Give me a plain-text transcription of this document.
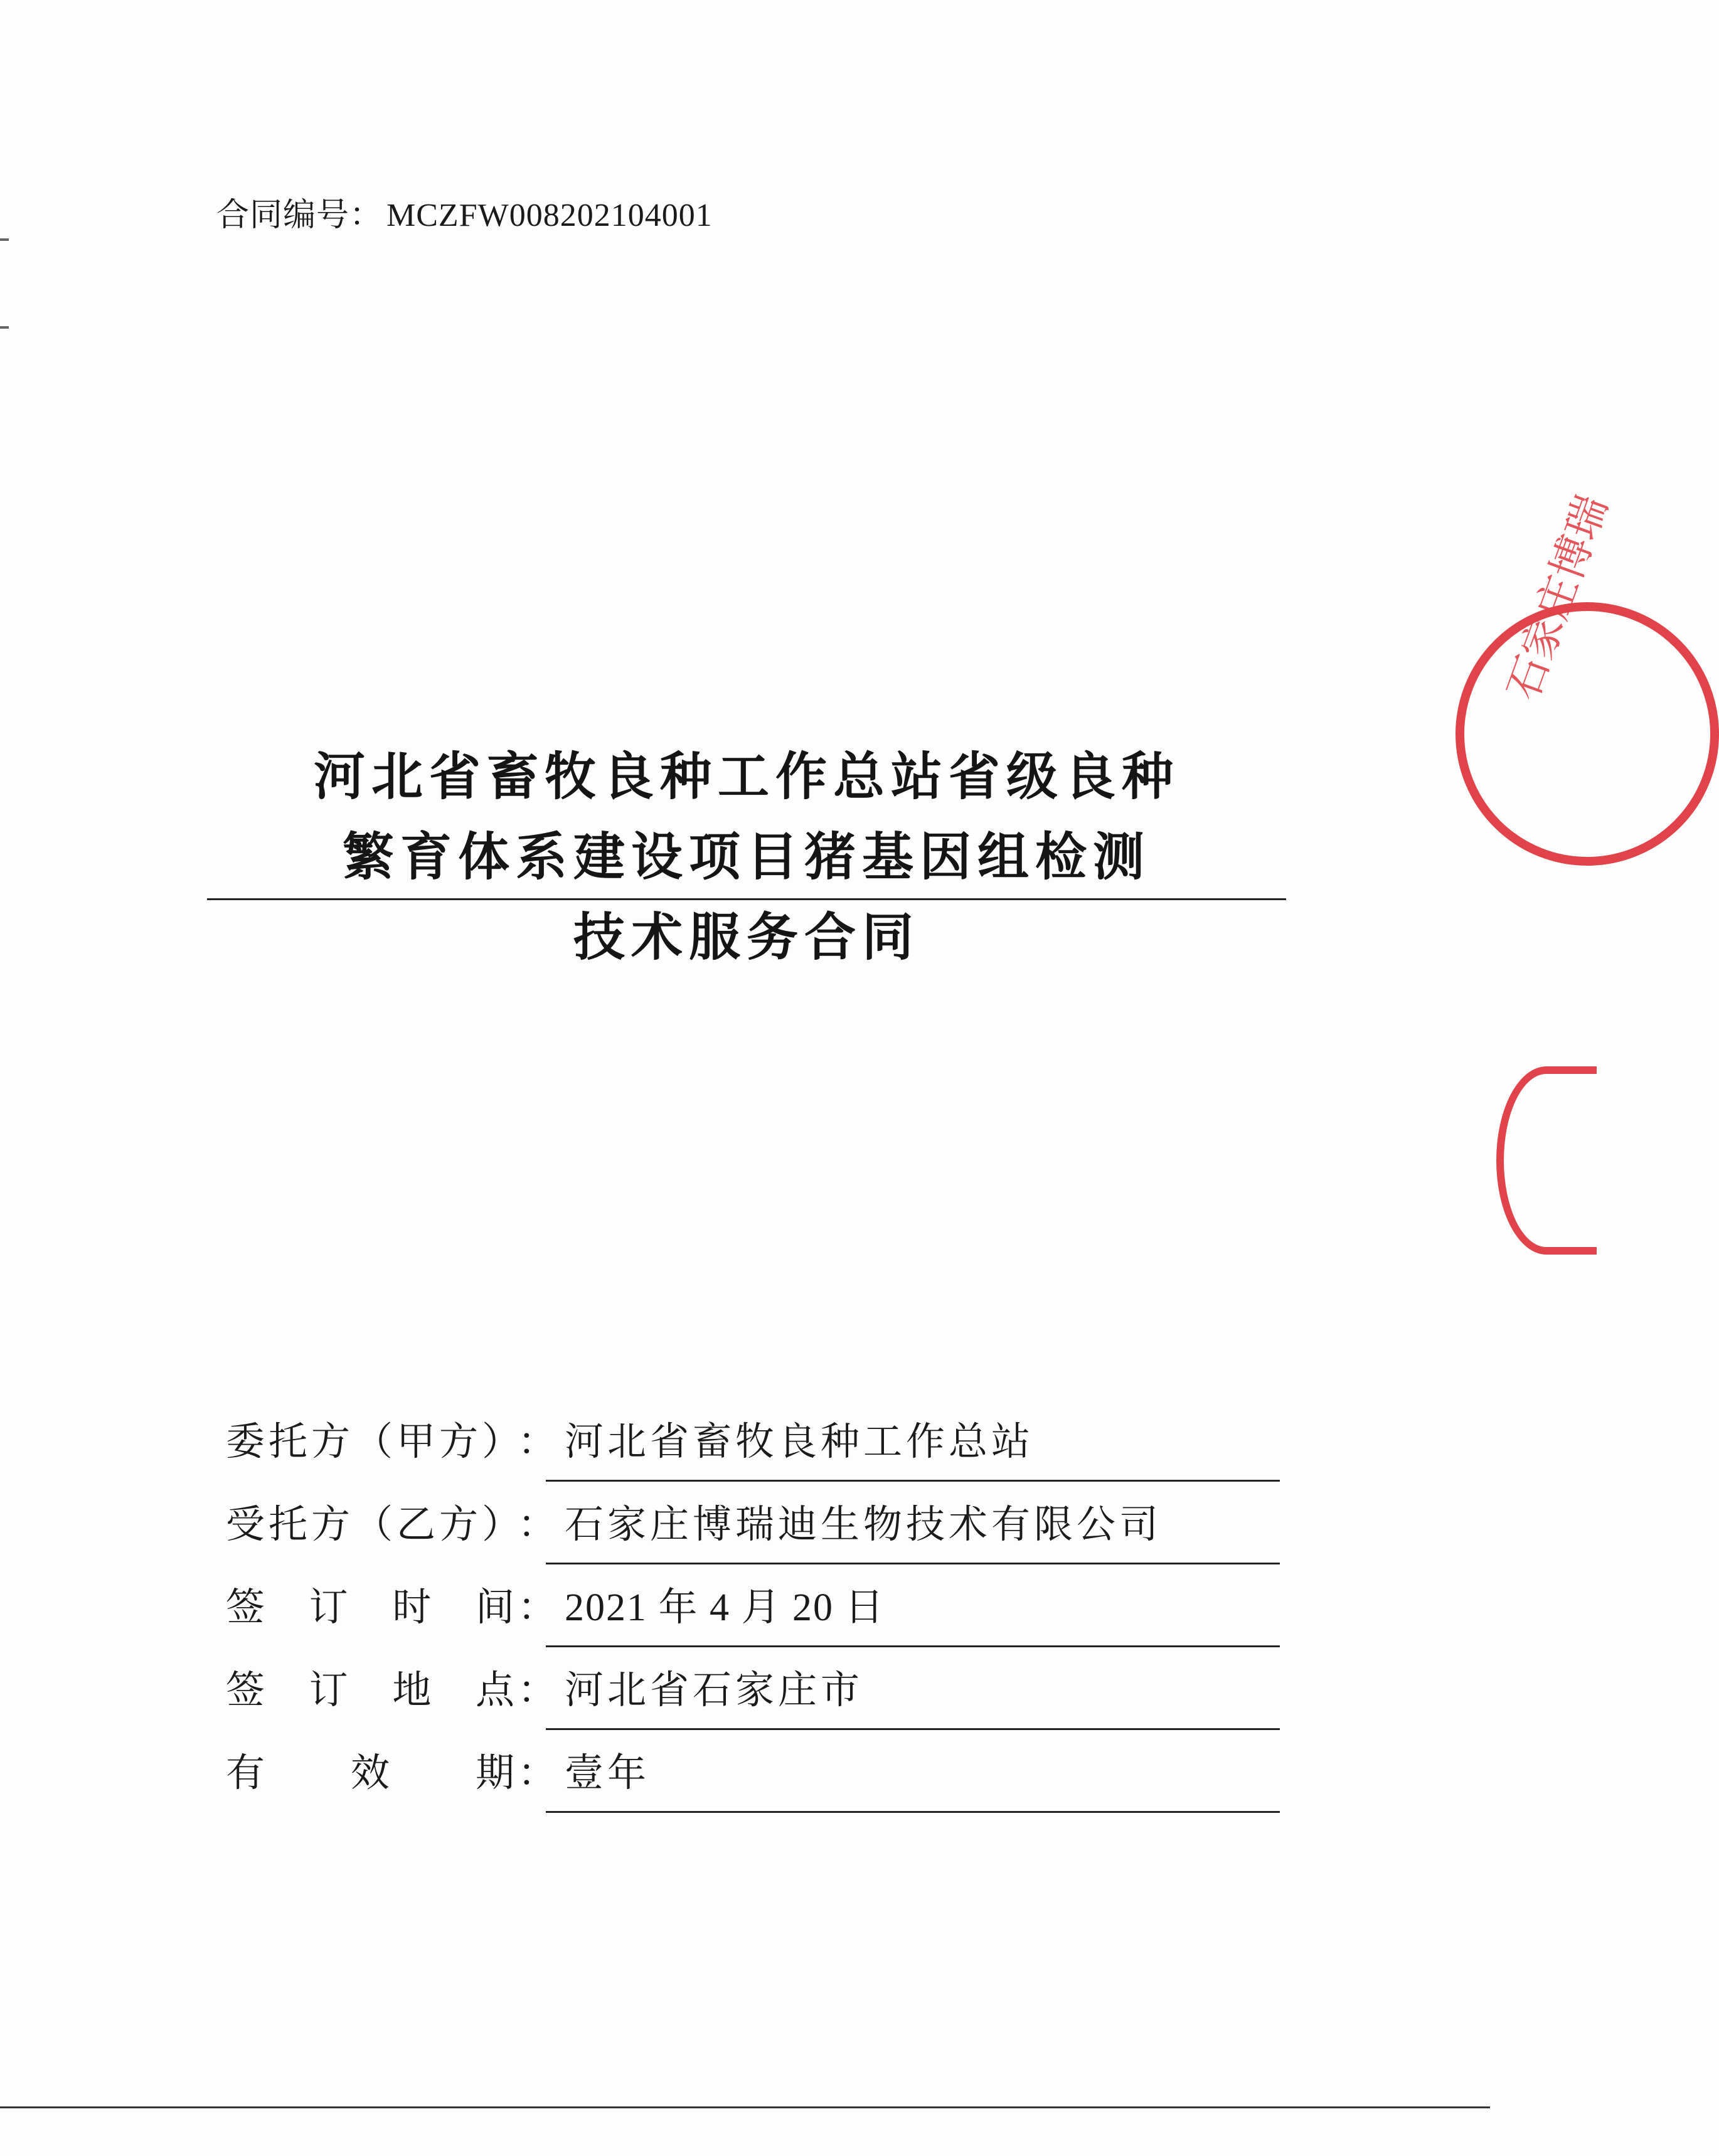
合同编号： MCZFW008202104001
河北省畜牧良种工作总站省级良种
繁育体系建设项目猪基因组检测
技术服务合同
委托方（甲方）
： 河北省畜牧良种工作总站
受托方（乙方）
： 石家庄博瑞迪生物技术有限公司
签 订 时 间 ： 2021 年 4 月 20 日
签 订 地 点 ： 河北省石家庄市
有 效 期 ： 壹年
石家庄博瑞
